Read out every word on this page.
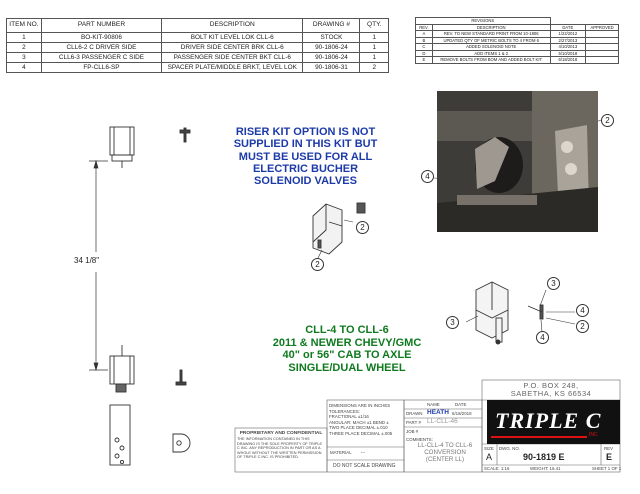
ITEM NO.	PART NUMBER	DESCRIPTION	DRAWING #	QTY.
1	BO-KIT-90806	BOLT KIT LEVEL LOK CLL-6	STOCK	1
2	CLL6-2 C DRIVER SIDE	DRIVER SIDE CENTER BRK CLL-6	90-1806-24	1
3	CLL6-3 PASSENGER C SIDE	PASSENGER SIDE CENTER BKT CLL-6	90-1806-24	1
4	FP-CLL6-SP	SPACER PLATE/MIDDLE BRKT, LEVEL LOK	90-1806-31	2
REVISIONS			
REV.	DESCRIPTION	DATE	APPROVED
A	REV. TO NEW STANDARD PRINT FROM 10-1806	1/22/2012	
B	UPDATED QTY OF METRIC BOLTS TO 4 FROM 6	2/27/2013	
C	ADDED SOLENOID NOTE	4/10/2013	
D	ADD ITEMS 1 & 2	5/10/2018	
E	REMOVE BOLTS FROM BOM AND ADDED BOLT KIT	6/18/2018	
RISER KIT OPTION IS NOT
SUPPLIED IN THIS KIT BUT
MUST BE USED FOR ALL
ELECTRIC BUCHER
SOLENOID VALVES
CLL-4 TO CLL-6
2011 & NEWER CHEVY/GMC
40" or 56" CAB TO AXLE
SINGLE/DUAL WHEEL
34 1/8"
2
4
2
2
3
3
4
2
4
PROPRIETARY AND CONFIDENTIAL
THE INFORMATION CONTAINED IN THIS DRAWING IS THE SOLE PROPERTY OF TRIPLE C INC. ANY REPRODUCTION IN PART OR AS A WHOLE WITHOUT THE WRITTEN PERMISSION OF TRIPLE C INC. IS PROHIBITED.
DIMENSIONS ARE IN INCHES
TOLERANCES:
FRACTIONAL ±1/16
ANGULAR: MACH ±1 BEND ±
TWO PLACE DECIMAL ±.010
THREE PLACE DECIMAL ±.005
MATERIAL ---
DO NOT SCALE DRAWING
NAME	DATE
DRAWN HEATH 6/18/2018
PART # LL-CLL-46
JOB #
COMMENTS:
LL-CLL-4 TO CLL-6
CONVERSION
(CENTER LL)
P.O. BOX 248,
SABETHA, KS 66534
TRIPLE C
INC
SIZE
A
DWG. NO.
90-1819 E
REV
E
SCALE: 1:16	WEIGHT: 16.41	SHEET 1 OF 1
